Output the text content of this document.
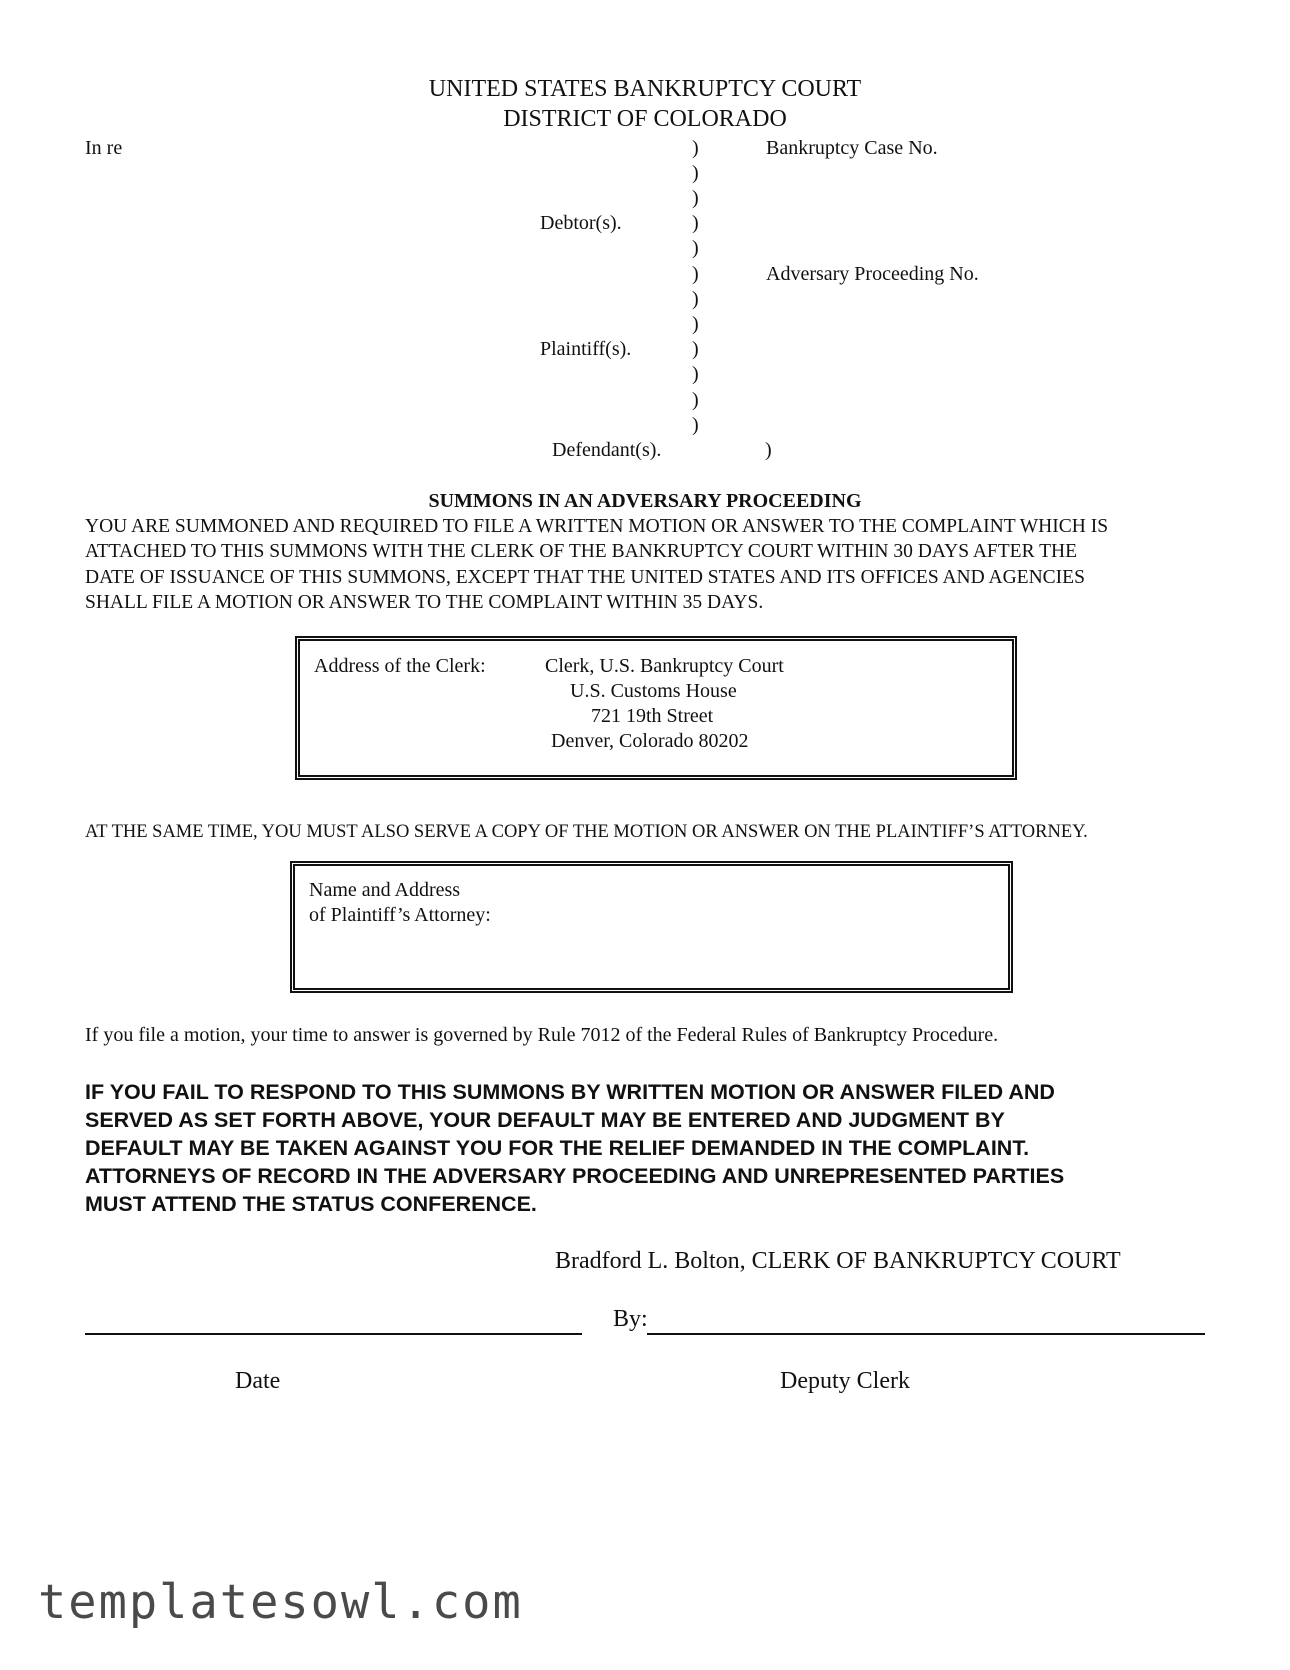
UNITED STATES BANKRUPTCY COURT
DISTRICT OF COLORADO
In re
Debtor(s).
Plaintiff(s).
Defendant(s).
)
)
)
)
)
)
)
)
)
)
)
)
)
Bankruptcy Case No.
Adversary Proceeding No.
SUMMONS IN AN ADVERSARY PROCEEDING
YOU ARE SUMMONED AND REQUIRED TO FILE A WRITTEN MOTION OR ANSWER TO THE COMPLAINT WHICH IS
ATTACHED TO THIS SUMMONS WITH THE CLERK OF THE BANKRUPTCY COURT WITHIN 30 DAYS AFTER THE
DATE OF ISSUANCE OF THIS SUMMONS, EXCEPT THAT THE UNITED STATES AND ITS OFFICES AND AGENCIES
SHALL FILE A MOTION OR ANSWER TO THE COMPLAINT WITHIN 35 DAYS.
Address of the Clerk:	Clerk, U.S. Bankruptcy Court
U.S. Customs House
721 19th Street
Denver, Colorado 80202
AT THE SAME TIME, YOU MUST ALSO SERVE A COPY OF THE MOTION OR ANSWER ON THE PLAINTIFF’S ATTORNEY.
Name and Address
of Plaintiff’s Attorney:
If you file a motion, your time to answer is governed by Rule 7012 of the Federal Rules of Bankruptcy Procedure.
IF YOU FAIL TO RESPOND TO THIS SUMMONS BY WRITTEN MOTION OR ANSWER FILED AND
SERVED AS SET FORTH ABOVE, YOUR DEFAULT MAY BE ENTERED AND JUDGMENT BY
DEFAULT MAY BE TAKEN AGAINST YOU FOR THE RELIEF DEMANDED IN THE COMPLAINT.
ATTORNEYS OF RECORD IN THE ADVERSARY PROCEEDING AND UNREPRESENTED PARTIES
MUST ATTEND THE STATUS CONFERENCE.
Bradford L. Bolton, CLERK OF BANKRUPTCY COURT
By:
Date	Deputy Clerk
templatesowl.com
